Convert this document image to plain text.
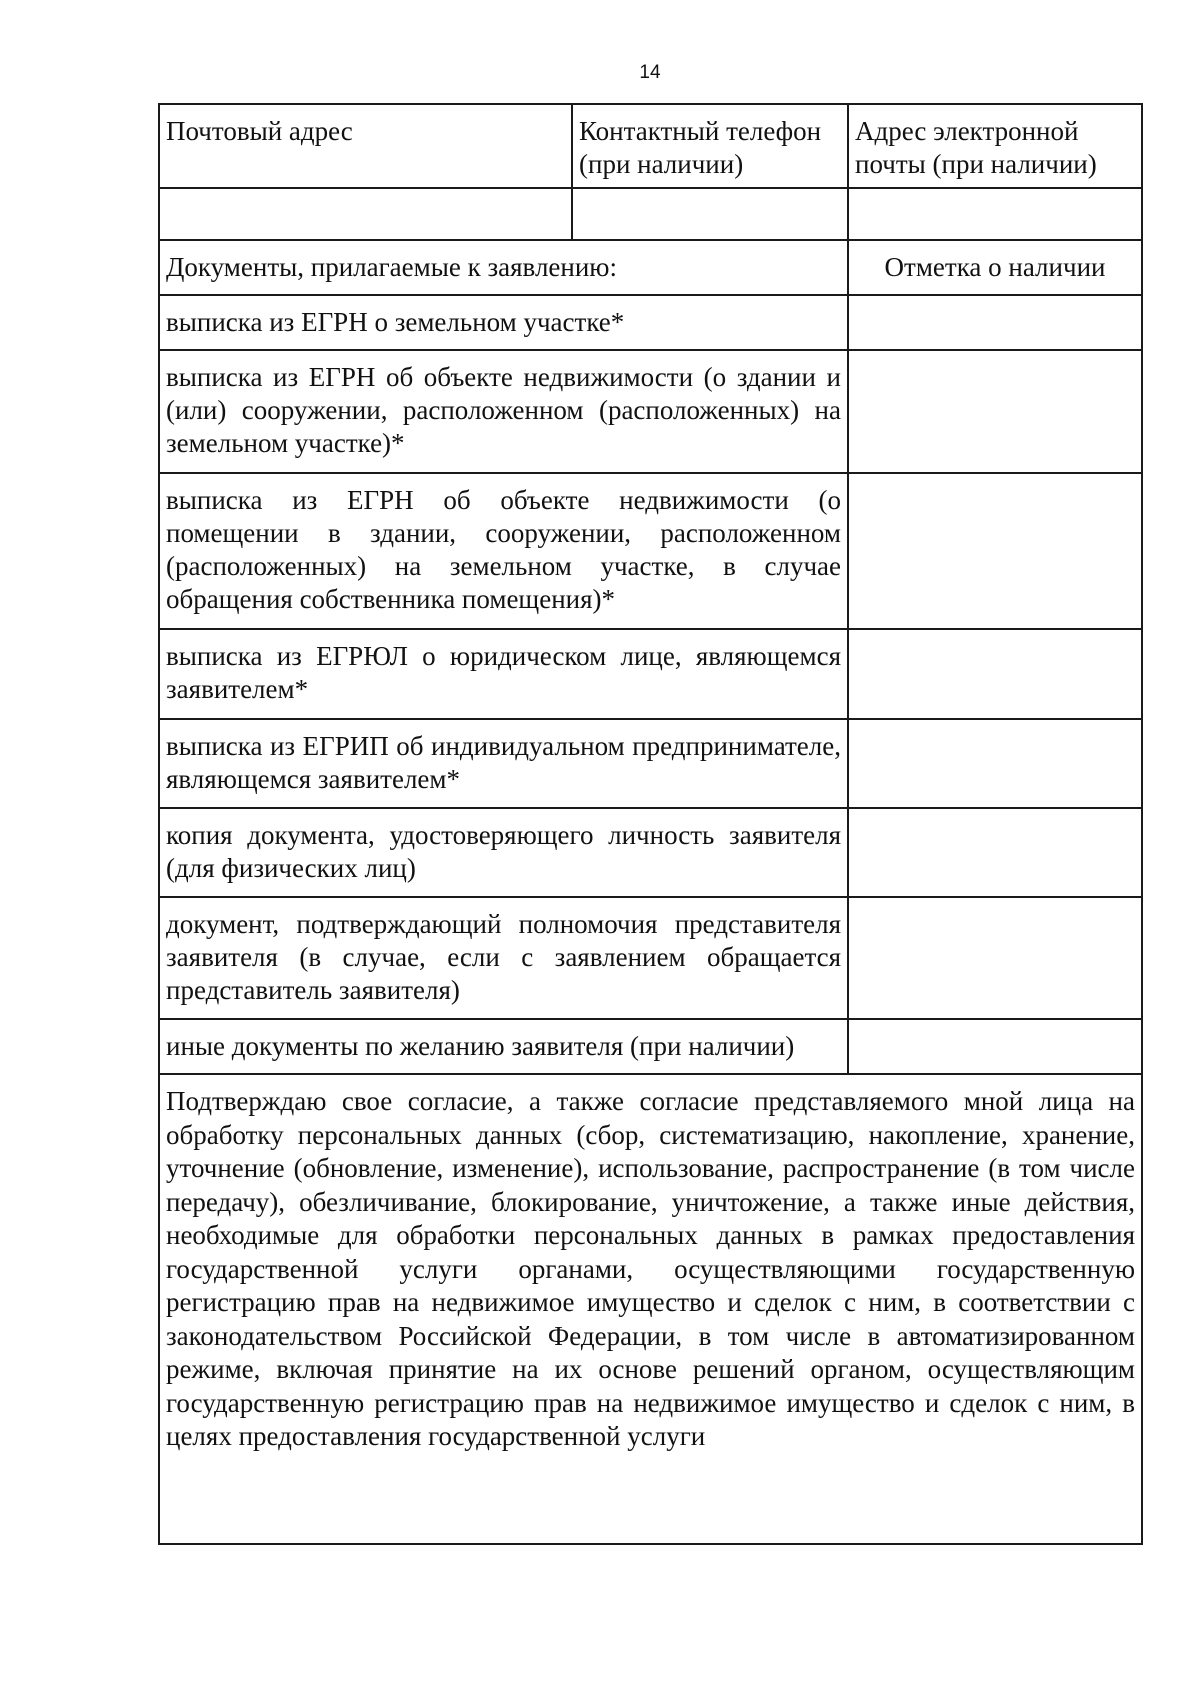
14
Почтовый адрес	Контактный телефон (при наличии)	Адрес электронной почты (при наличии)

Документы, прилагаемые к заявлению:		Отметка о наличии
выписка из ЕГРН о земельном участке*		
выписка из ЕГРН об объекте недвижимости (о здании и (или) сооружении, расположенном (расположенных) на земельном участке)*		
выписка из ЕГРН об объекте недвижимости (о помещении в здании, сооружении, расположенном (расположенных) на земельном участке, в случае обращения собственника помещения)*		
выписка из ЕГРЮЛ о юридическом лице, являющемся заявителем*		
выписка из ЕГРИП об индивидуальном предпринимателе, являющемся заявителем*		
копия документа, удостоверяющего личность заявителя (для физических лиц)		
документ, подтверждающий полномочия представителя заявителя (в случае, если с заявлением обращается представитель заявителя)		
иные документы по желанию заявителя (при наличии)		
Подтверждаю свое согласие, а также согласие представляемого мной лица на обработку персональных данных (сбор, систематизацию, накопление, хранение, уточнение (обновление, изменение), использование, распространение (в том числе передачу), обезличивание, блокирование, уничтожение, а также иные действия, необходимые для обработки персональных данных в рамках предоставления государственной услуги органами, осуществляющими государственную регистрацию прав на недвижимое имущество и сделок с ним, в соответствии с законодательством Российской Федерации, в том числе в автоматизированном режиме, включая принятие на их основе решений органом, осуществляющим государственную регистрацию прав на недвижимое имущество и сделок с ним, в целях предоставления государственной услуги		
